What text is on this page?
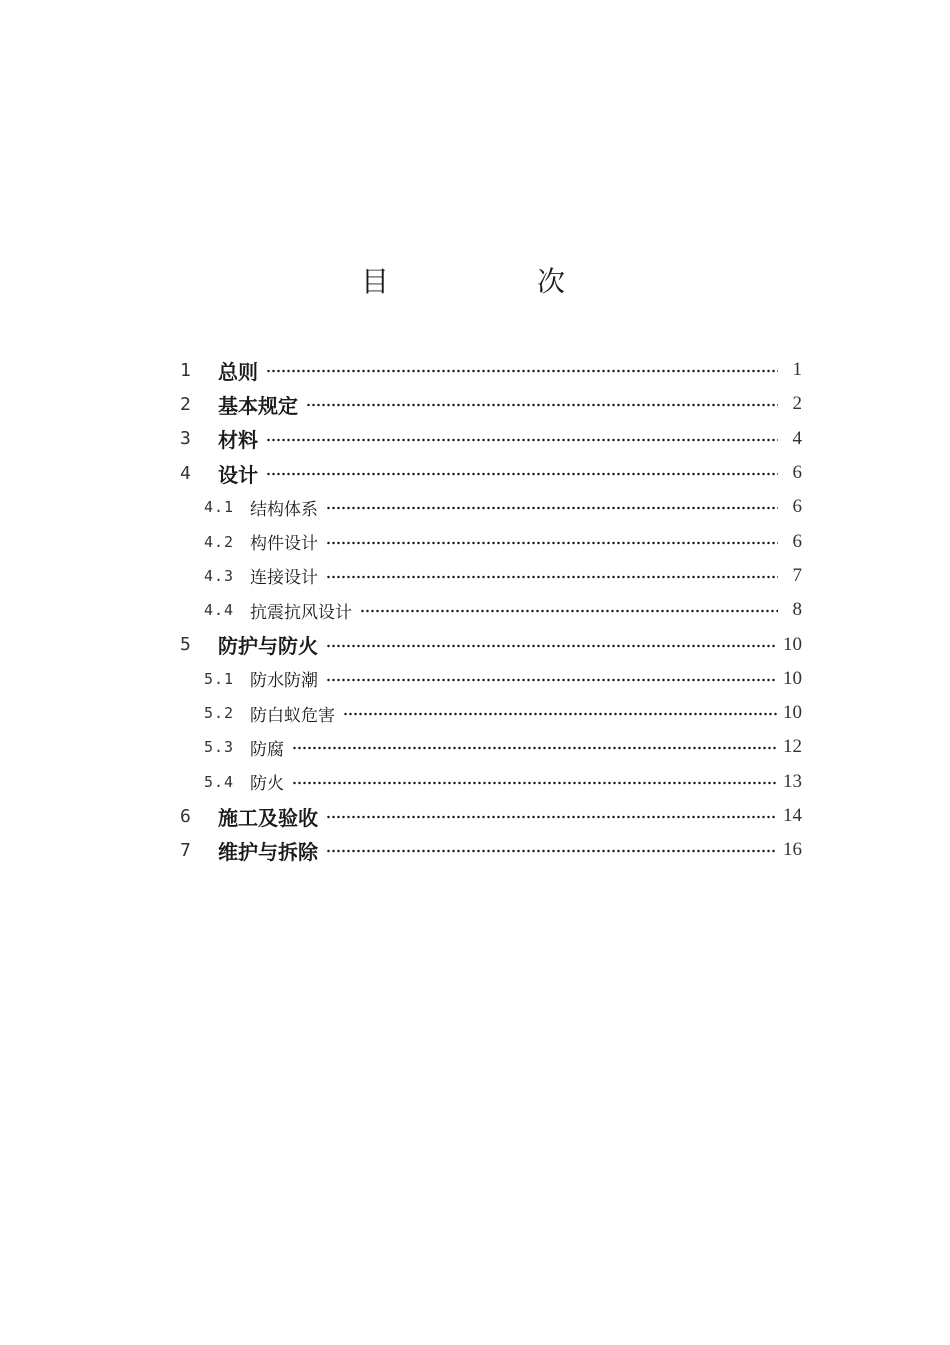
目　次
1	总则	1
2	基本规定	2
3	材料	4
4	设计	6
4.1 结构体系	6
4.2 构件设计	6
4.3 连接设计	7
4.4 抗震抗风设计	8
5	防护与防火	10
5.1 防水防潮	10
5.2 防白蚁危害	10
5.3 防腐	12
5.4 防火	13
6	施工及验收	14
7	维护与拆除	16
